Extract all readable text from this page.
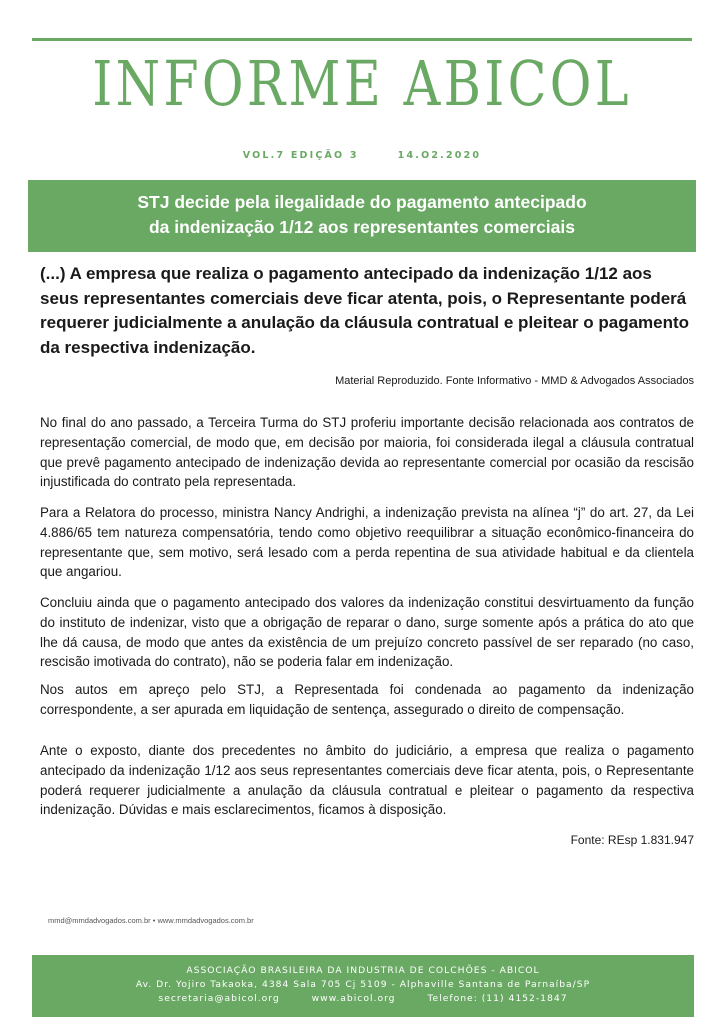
INFORME ABICOL
VOL.7 EDIÇÃO 3	14.O2.2020
STJ decide pela ilegalidade do pagamento antecipado
da indenização 1/12 aos representantes comerciais
(...) A empresa que realiza o pagamento antecipado da indenização 1/12 aos seus representantes comerciais deve ficar atenta, pois, o Representante poderá requerer judicialmente a anulação da cláusula contratual e pleitear o pagamento da respectiva indenização.
Material Reproduzido. Fonte Informativo - MMD & Advogados Associados
No final do ano passado, a Terceira Turma do STJ proferiu importante decisão relacionada aos contratos de representação comercial, de modo que, em decisão por maioria, foi considerada ilegal a cláusula contratual que prevê pagamento antecipado de indenização devida ao representante comercial por ocasião da rescisão injustificada do contrato pela representada.
Para a Relatora do processo, ministra Nancy Andrighi, a indenização prevista na alínea “j” do art. 27, da Lei 4.886/65 tem natureza compensatória, tendo como objetivo reequilibrar a situação econômico-financeira do representante que, sem motivo, será lesado com a perda repentina de sua atividade habitual e da clientela que angariou.
Concluiu ainda que o pagamento antecipado dos valores da indenização constitui desvirtuamento da função do instituto de indenizar, visto que a obrigação de reparar o dano, surge somente após a prática do ato que lhe dá causa, de modo que antes da existência de um prejuízo concreto passível de ser reparado (no caso, rescisão imotivada do contrato), não se poderia falar em indenização.
Nos autos em apreço pelo STJ, a Representada foi condenada ao pagamento da indenização correspondente, a ser apurada em liquidação de sentença, assegurado o direito de compensação.
Ante o exposto, diante dos precedentes no âmbito do judiciário, a empresa que realiza o pagamento antecipado da indenização 1/12 aos seus representantes comerciais deve ficar atenta, pois, o Representante poderá requerer judicialmente a anulação da cláusula contratual e pleitear o pagamento da respectiva indenização. Dúvidas e mais esclarecimentos, ficamos à disposição.
Fonte: REsp 1.831.947
mmd@mmdadvogados.com.br • www.mmdadvogados.com.br
ASSOCIAÇÃO BRASILEIRA DA INDUSTRIA DE COLCHÕES - ABICOL
Av. Dr. Yojiro Takaoka, 4384 Sala 705 Cj 5109 - Alphaville Santana de Parnaíba/SP
secretaria@abicol.org	www.abicol.org	Telefone: (11) 4152-1847
